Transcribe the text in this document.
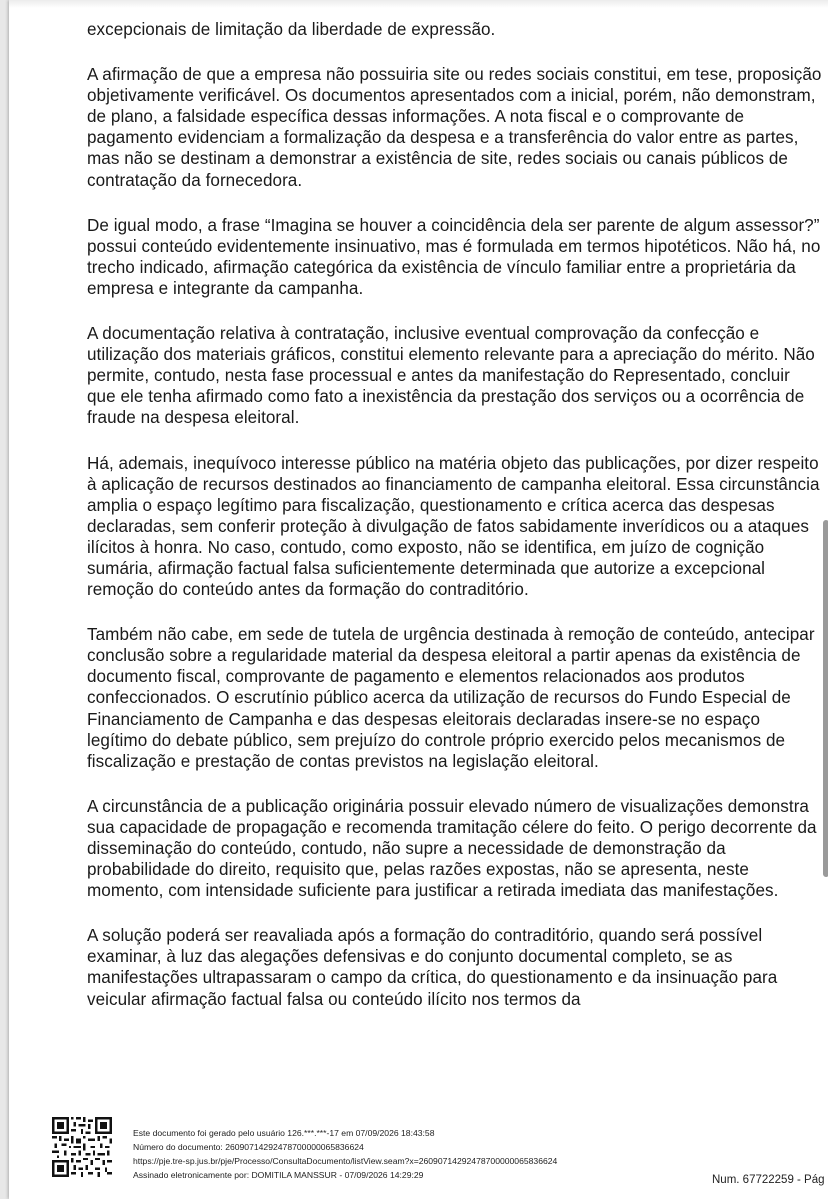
excepcionais de limitação da liberdade de expressão.

A afirmação de que a empresa não possuiria site ou redes sociais constitui, em tese, proposição objetivamente verificável. Os documentos apresentados com a inicial, porém, não demonstram, de plano, a falsidade específica dessas informações. A nota fiscal e o comprovante de pagamento evidenciam a formalização da despesa e a transferência do valor entre as partes, mas não se destinam a demonstrar a existência de site, redes sociais ou canais públicos de contratação da fornecedora.

De igual modo, a frase “Imagina se houver a coincidência dela ser parente de algum assessor?” possui conteúdo evidentemente insinuativo, mas é formulada em termos hipotéticos. Não há, no trecho indicado, afirmação categórica da existência de vínculo familiar entre a proprietária da empresa e integrante da campanha.

A documentação relativa à contratação, inclusive eventual comprovação da confecção e utilização dos materiais gráficos, constitui elemento relevante para a apreciação do mérito. Não permite, contudo, nesta fase processual e antes da manifestação do Representado, concluir que ele tenha afirmado como fato a inexistência da prestação dos serviços ou a ocorrência de fraude na despesa eleitoral.

Há, ademais, inequívoco interesse público na matéria objeto das publicações, por dizer respeito à aplicação de recursos destinados ao financiamento de campanha eleitoral. Essa circunstância amplia o espaço legítimo para fiscalização, questionamento e crítica acerca das despesas declaradas, sem conferir proteção à divulgação de fatos sabidamente inverídicos ou a ataques ilícitos à honra. No caso, contudo, como exposto, não se identifica, em juízo de cognição sumária, afirmação factual falsa suficientemente determinada que autorize a excepcional remoção do conteúdo antes da formação do contraditório.

Também não cabe, em sede de tutela de urgência destinada à remoção de conteúdo, antecipar conclusão sobre a regularidade material da despesa eleitoral a partir apenas da existência de documento fiscal, comprovante de pagamento e elementos relacionados aos produtos confeccionados. O escrutínio público acerca da utilização de recursos do Fundo Especial de Financiamento de Campanha e das despesas eleitorais declaradas insere-se no espaço legítimo do debate público, sem prejuízo do controle próprio exercido pelos mecanismos de fiscalização e prestação de contas previstos na legislação eleitoral.

A circunstância de a publicação originária possuir elevado número de visualizações demonstra sua capacidade de propagação e recomenda tramitação célere do feito. O perigo decorrente da disseminação do conteúdo, contudo, não supre a necessidade de demonstração da probabilidade do direito, requisito que, pelas razões expostas, não se apresenta, neste momento, com intensidade suficiente para justificar a retirada imediata das manifestações.

A solução poderá ser reavaliada após a formação do contraditório, quando será possível examinar, à luz das alegações defensivas e do conjunto documental completo, se as manifestações ultrapassaram o campo da crítica, do questionamento e da insinuação para veicular afirmação factual falsa ou conteúdo ilícito nos termos da

Este documento foi gerado pelo usuário 126.***.***-17 em 07/09/2026 18:43:58
Número do documento: 26090714292478700000065836624
https://pje.tre-sp.jus.br/pje/Processo/ConsultaDocumento/listView.seam?x=26090714292478700000065836624
Assinado eletronicamente por: DOMITILA MANSSUR - 07/09/2026 14:29:29	Num. 67722259 - Pág
